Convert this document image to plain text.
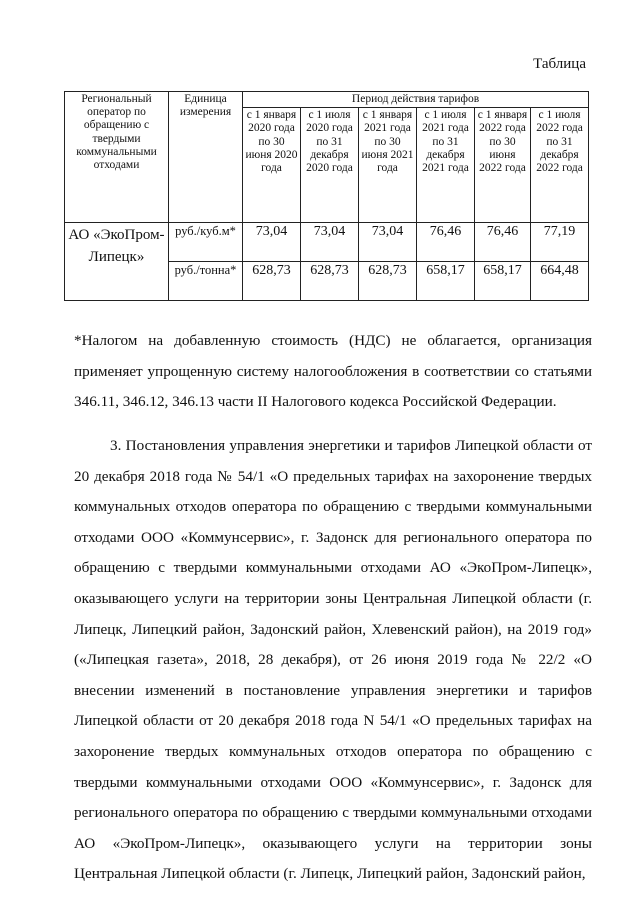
Таблица
Региональный оператор по обращению с твердыми коммунальными отходами	Единица измерения	Период действия тарифов					
		с 1 января 2020 года по 30 июня 2020 года	с 1 июля 2020 года по 31 декабря 2020 года	с 1 января 2021 года по 30 июня 2021 года	с 1 июля 2021 года по 31 декабря 2021 года	с 1 января 2022 года по 30 июня 2022 года	с 1 июля 2022 года по 31 декабря 2022 года
АО «ЭкоПром-Липецк»	руб./куб.м*	73,04	73,04	73,04	76,46	76,46	77,19
	руб./тонна*	628,73	628,73	628,73	658,17	658,17	664,48

*Налогом на добавленную стоимость (НДС) не облагается, организация применяет упрощенную систему налогообложения в соответствии со статьями 346.11, 346.12, 346.13 части II Налогового кодекса Российской Федерации.

3. Постановления управления энергетики и тарифов Липецкой области от 20 декабря 2018 года № 54/1 «О предельных тарифах на захоронение твердых коммунальных отходов оператора по обращению с твердыми коммунальными отходами ООО «Коммунсервис», г. Задонск для регионального оператора по обращению с твердыми коммунальными отходами АО «ЭкоПром-Липецк», оказывающего услуги на территории зоны Центральная Липецкой области (г. Липецк, Липецкий район, Задонский район, Хлевенский район), на 2019 год» («Липецкая газета», 2018, 28 декабря), от 26 июня 2019 года № 22/2 «О внесении изменений в постановление управления энергетики и тарифов Липецкой области от 20 декабря 2018 года N 54/1 «О предельных тарифах на захоронение твердых коммунальных отходов оператора по обращению с твердыми коммунальными отходами ООО «Коммунсервис», г. Задонск для регионального оператора по обращению с твердыми коммунальными отходами АО «ЭкоПром-Липецк», оказывающего услуги на территории зоны Центральная Липецкой области (г. Липецк, Липецкий район, Задонский район,
